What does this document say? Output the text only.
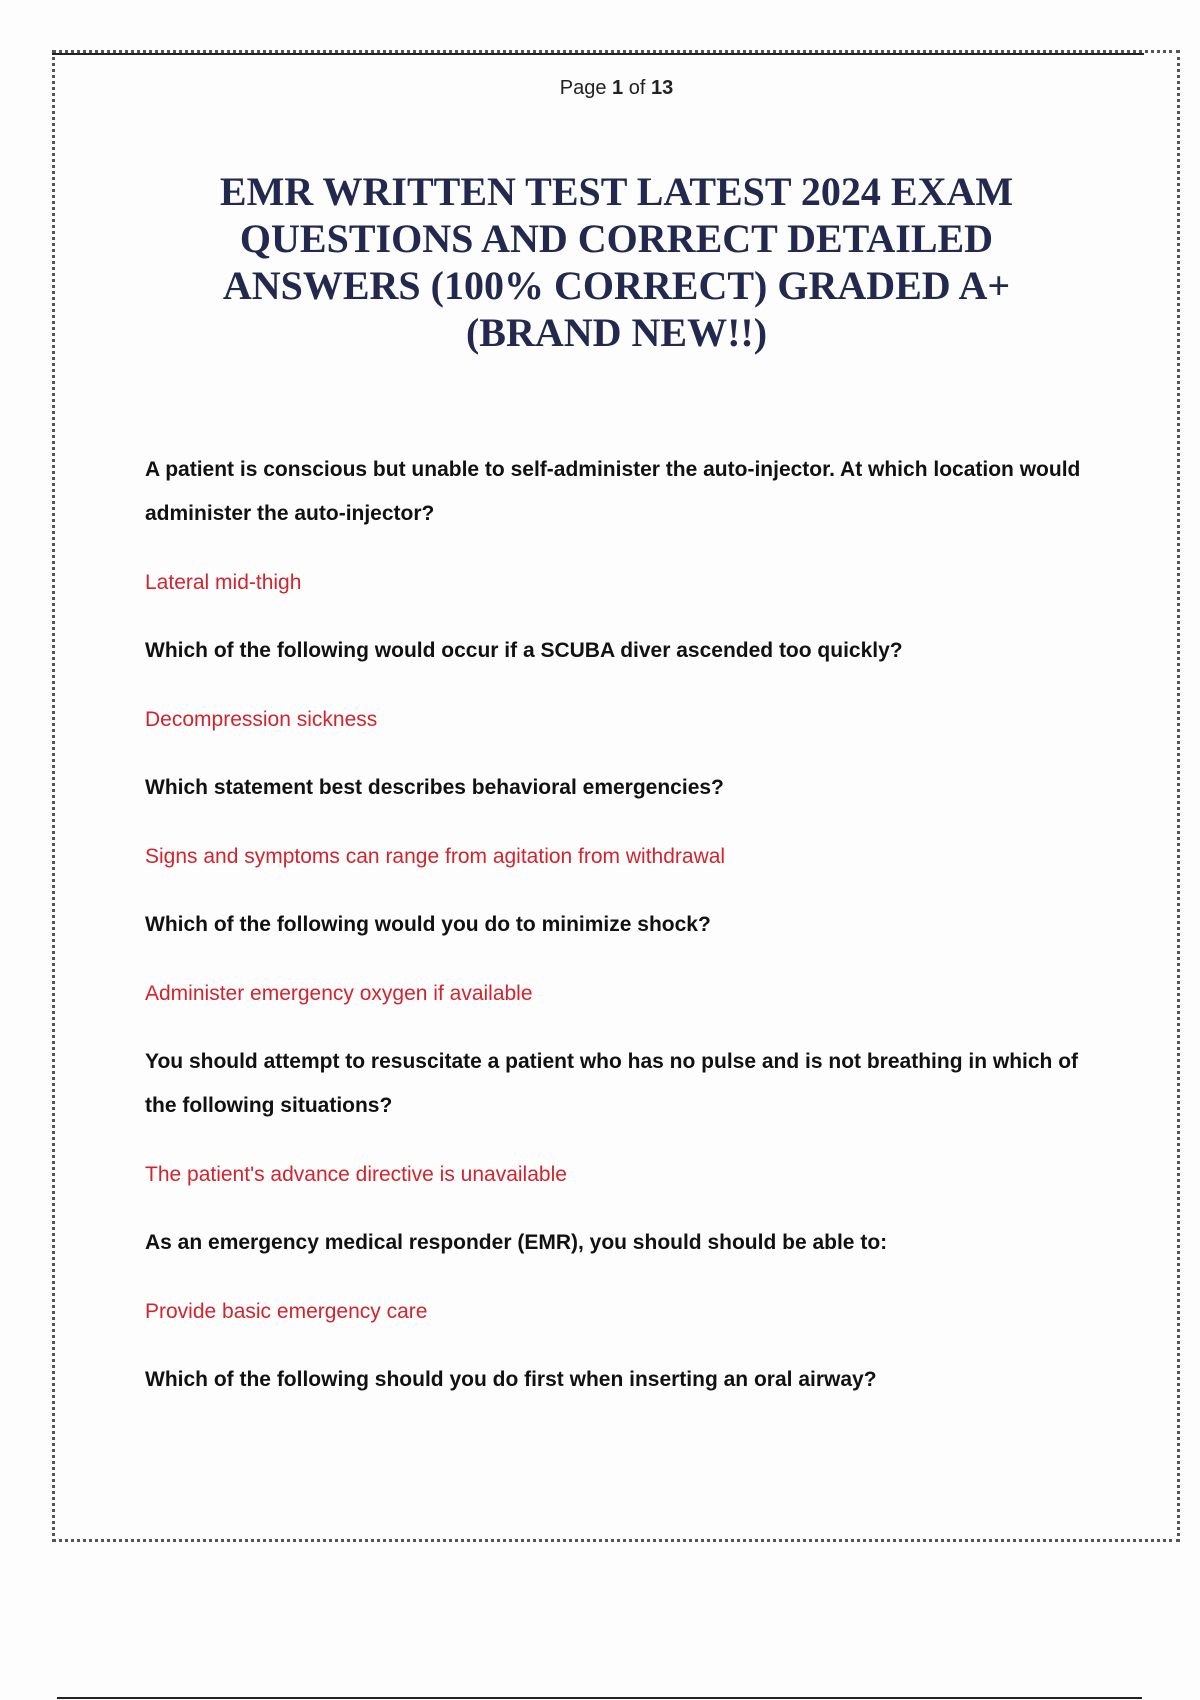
Page 1 of 13
EMR WRITTEN TEST LATEST 2024 EXAM QUESTIONS AND CORRECT DETAILED ANSWERS (100% CORRECT) GRADED A+ (BRAND NEW!!)

A patient is conscious but unable to self-administer the auto-injector. At which location would administer the auto-injector?

Lateral mid-thigh

Which of the following would occur if a SCUBA diver ascended too quickly?

Decompression sickness

Which statement best describes behavioral emergencies?

Signs and symptoms can range from agitation from withdrawal

Which of the following would you do to minimize shock?

Administer emergency oxygen if available

You should attempt to resuscitate a patient who has no pulse and is not breathing in which of the following situations?

The patient's advance directive is unavailable

As an emergency medical responder (EMR), you should should be able to:

Provide basic emergency care

Which of the following should you do first when inserting an oral airway?
